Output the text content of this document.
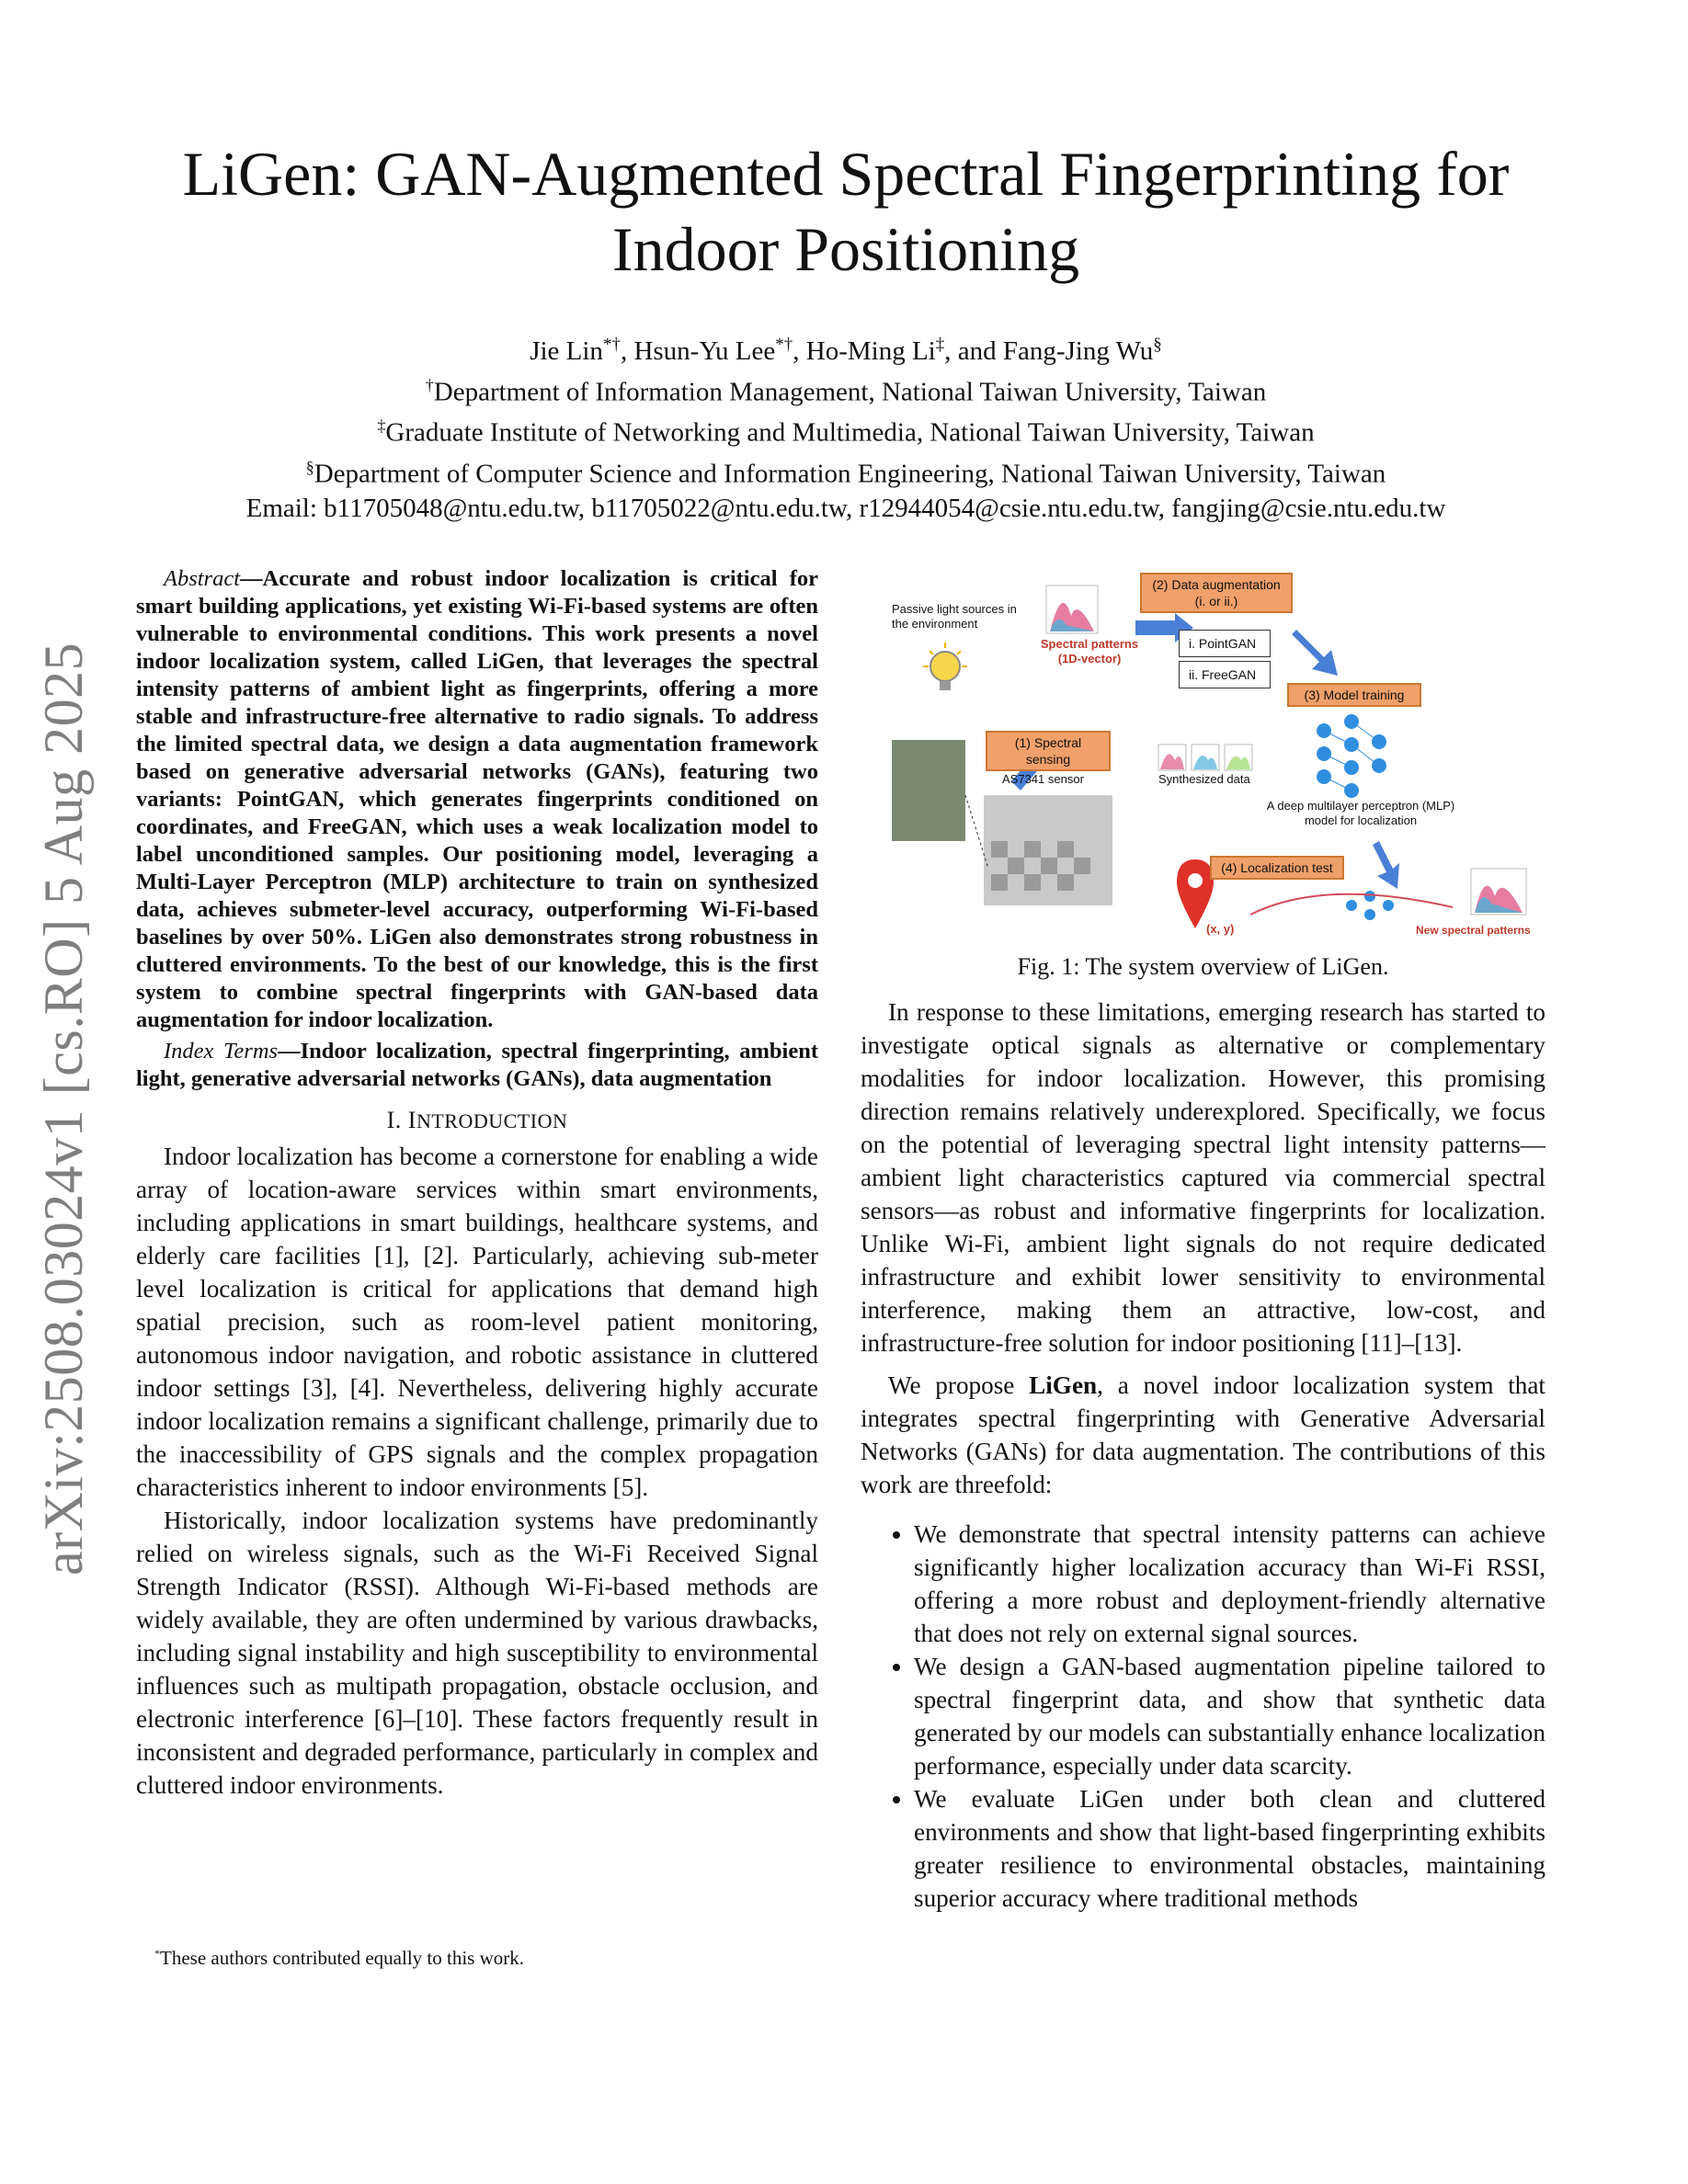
arXiv:2508.03024v1 [cs.RO] 5 Aug 2025
LiGen: GAN-Augmented Spectral Fingerprinting for Indoor Positioning
Jie Lin*†, Hsun-Yu Lee*†, Ho-Ming Li‡, and Fang-Jing Wu§
†Department of Information Management, National Taiwan University, Taiwan
‡Graduate Institute of Networking and Multimedia, National Taiwan University, Taiwan
§Department of Computer Science and Information Engineering, National Taiwan University, Taiwan
Email: b11705048@ntu.edu.tw, b11705022@ntu.edu.tw, r12944054@csie.ntu.edu.tw, fangjing@csie.ntu.edu.tw

Abstract—Accurate and robust indoor localization is critical for smart building applications, yet existing Wi-Fi-based systems are often vulnerable to environmental conditions. This work presents a novel indoor localization system, called LiGen, that leverages the spectral intensity patterns of ambient light as fingerprints, offering a more stable and infrastructure-free alternative to radio signals. To address the limited spectral data, we design a data augmentation framework based on generative adversarial networks (GANs), featuring two variants: PointGAN, which generates fingerprints conditioned on coordinates, and FreeGAN, which uses a weak localization model to label unconditioned samples. Our positioning model, leveraging a Multi-Layer Perceptron (MLP) architecture to train on synthesized data, achieves submeter-level accuracy, outperforming Wi-Fi-based baselines by over 50%. LiGen also demonstrates strong robustness in cluttered environments. To the best of our knowledge, this is the first system to combine spectral fingerprints with GAN-based data augmentation for indoor localization.

Index Terms—Indoor localization, spectral fingerprinting, ambient light, generative adversarial networks (GANs), data augmentation

I. INTRODUCTION

Indoor localization has become a cornerstone for enabling a wide array of location-aware services within smart environments, including applications in smart buildings, healthcare systems, and elderly care facilities [1], [2]. Particularly, achieving sub-meter level localization is critical for applications that demand high spatial precision, such as room-level patient monitoring, autonomous indoor navigation, and robotic assistance in cluttered indoor settings [3], [4]. Nevertheless, delivering highly accurate indoor localization remains a significant challenge, primarily due to the inaccessibility of GPS signals and the complex propagation characteristics inherent to indoor environments [5].

Historically, indoor localization systems have predominantly relied on wireless signals, such as the Wi-Fi Received Signal Strength Indicator (RSSI). Although Wi-Fi-based methods are widely available, they are often undermined by various drawbacks, including signal instability and high susceptibility to environmental influences such as multipath propagation, obstacle occlusion, and electronic interference [6]–[10]. These factors frequently result in inconsistent and degraded performance, particularly in complex and cluttered indoor environments.

*These authors contributed equally to this work.
Passive light sources in the environment
Spectral patterns (1D-vector)
(2) Data augmentation (i. or ii.)
i. PointGAN
ii. FreeGAN
(3) Model training
(1) Spectral sensing
AS7341 sensor	Synthesized data
A deep multilayer perceptron (MLP) model for localization
(4) Localization test
(x, y)	New spectral patterns
Fig. 1: The system overview of LiGen.

In response to these limitations, emerging research has started to investigate optical signals as alternative or complementary modalities for indoor localization. However, this promising direction remains relatively underexplored. Specifically, we focus on the potential of leveraging spectral light intensity patterns—ambient light characteristics captured via commercial spectral sensors—as robust and informative fingerprints for localization. Unlike Wi-Fi, ambient light signals do not require dedicated infrastructure and exhibit lower sensitivity to environmental interference, making them an attractive, low-cost, and infrastructure-free solution for indoor positioning [11]–[13].

We propose LiGen, a novel indoor localization system that integrates spectral fingerprinting with Generative Adversarial Networks (GANs) for data augmentation. The contributions of this work are threefold:

• We demonstrate that spectral intensity patterns can achieve significantly higher localization accuracy than Wi-Fi RSSI, offering a more robust and deployment-friendly alternative that does not rely on external signal sources.
• We design a GAN-based augmentation pipeline tailored to spectral fingerprint data, and show that synthetic data generated by our models can substantially enhance localization performance, especially under data scarcity.
• We evaluate LiGen under both clean and cluttered environments and show that light-based fingerprinting exhibits greater resilience to environmental obstacles, maintaining superior accuracy where traditional methods
